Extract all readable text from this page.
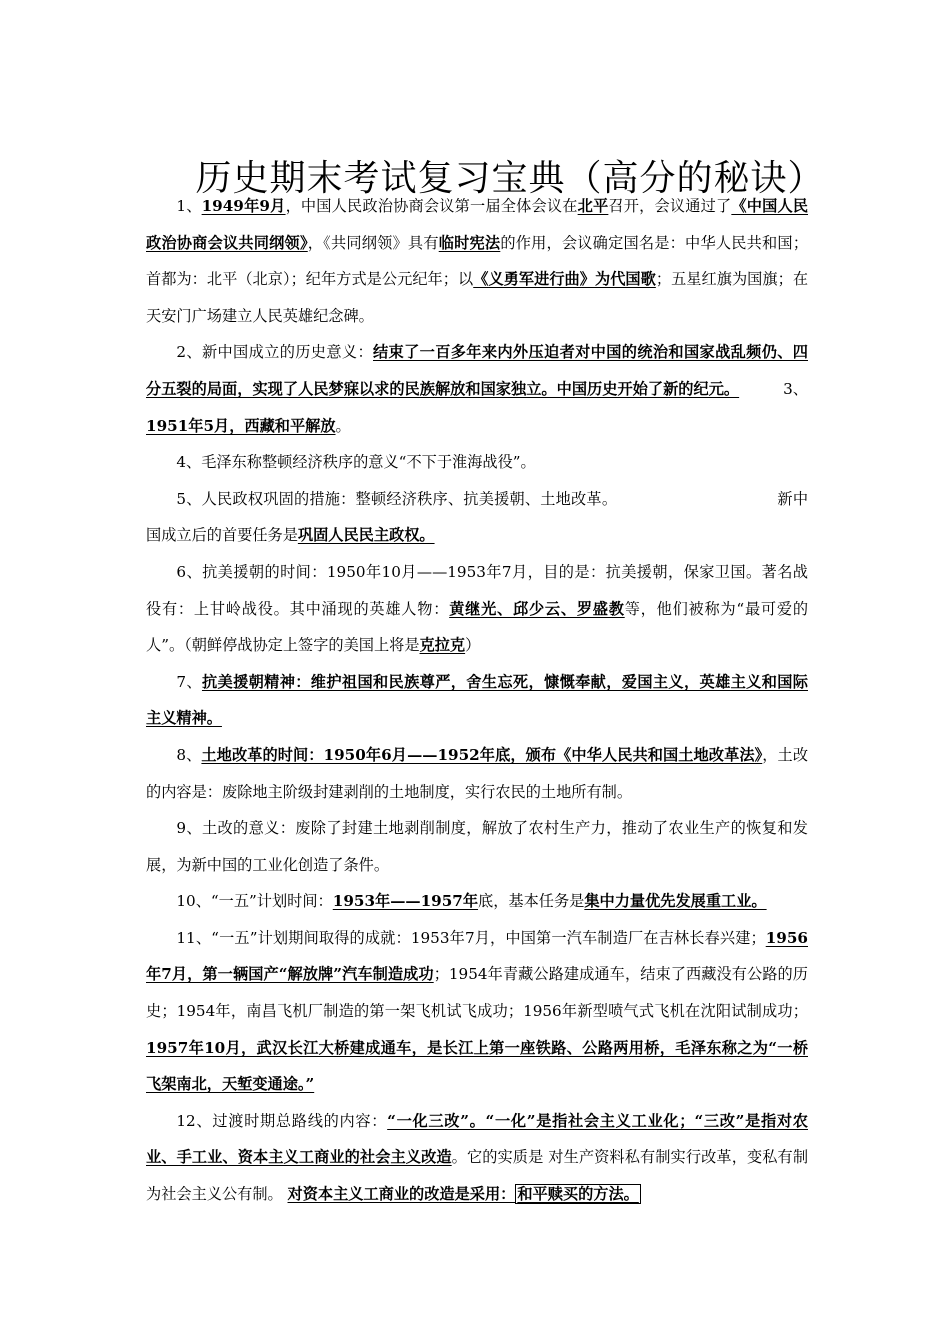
历史期末考试复习宝典（高分的秘诀）

1、1949年9月，中国人民政治协商会议第一届全体会议在北平召开，会议通过了《中国人民政治协商会议共同纲领》，《共同纲领》具有临时宪法的作用，会议确定国名是：中华人民共和国；首都为：北平（北京）；纪年方式是公元纪年；以《义勇军进行曲》为代国歌；五星红旗为国旗；在天安门广场建立人民英雄纪念碑。

2、新中国成立的历史意义：结束了一百多年来内外压迫者对中国的统治和国家战乱频仍、四分五裂的局面，实现了人民梦寐以求的民族解放和国家独立。中国历史开始了新的纪元。	3、1951年5月，西藏和平解放。

4、毛泽东称整顿经济秩序的意义“不下于淮海战役”。

5、人民政权巩固的措施：整顿经济秩序、抗美援朝、土地改革。	新中国成立后的首要任务是巩固人民民主政权。

6、抗美援朝的时间：1950年10月——1953年7月，目的是：抗美援朝，保家卫国。著名战役有：上甘岭战役。其中涌现的英雄人物：黄继光、邱少云、罗盛教等，他们被称为“最可爱的人”。（朝鲜停战协定上签字的美国上将是克拉克）

7、抗美援朝精神：维护祖国和民族尊严，舍生忘死，慷慨奉献，爱国主义，英雄主义和国际主义精神。

8、土地改革的时间：1950年6月——1952年底，颁布《中华人民共和国土地改革法》，土改的内容是：废除地主阶级封建剥削的土地制度，实行农民的土地所有制。

9、土改的意义：废除了封建土地剥削制度，解放了农村生产力，推动了农业生产的恢复和发展，为新中国的工业化创造了条件。

10、“一五”计划时间：1953年——1957年底，基本任务是集中力量优先发展重工业。

11、“一五”计划期间取得的成就：1953年7月，中国第一汽车制造厂在吉林长春兴建；1956年7月，第一辆国产“解放牌”汽车制造成功；1954年青藏公路建成通车，结束了西藏没有公路的历史；1954年，南昌飞机厂制造的第一架飞机试飞成功；1956年新型喷气式飞机在沈阳试制成功；1957年10月，武汉长江大桥建成通车，是长江上第一座铁路、公路两用桥，毛泽东称之为“一桥飞架南北，天堑变通途。”

12、过渡时期总路线的内容：“一化三改”。“一化”是指社会主义工业化；“三改”是指对农业、手工业、资本主义工商业的社会主义改造。它的实质是 对生产资料私有制实行改革，变私有制为社会主义公有制。 对资本主义工商业的改造是采用： 和平赎买的方法。
